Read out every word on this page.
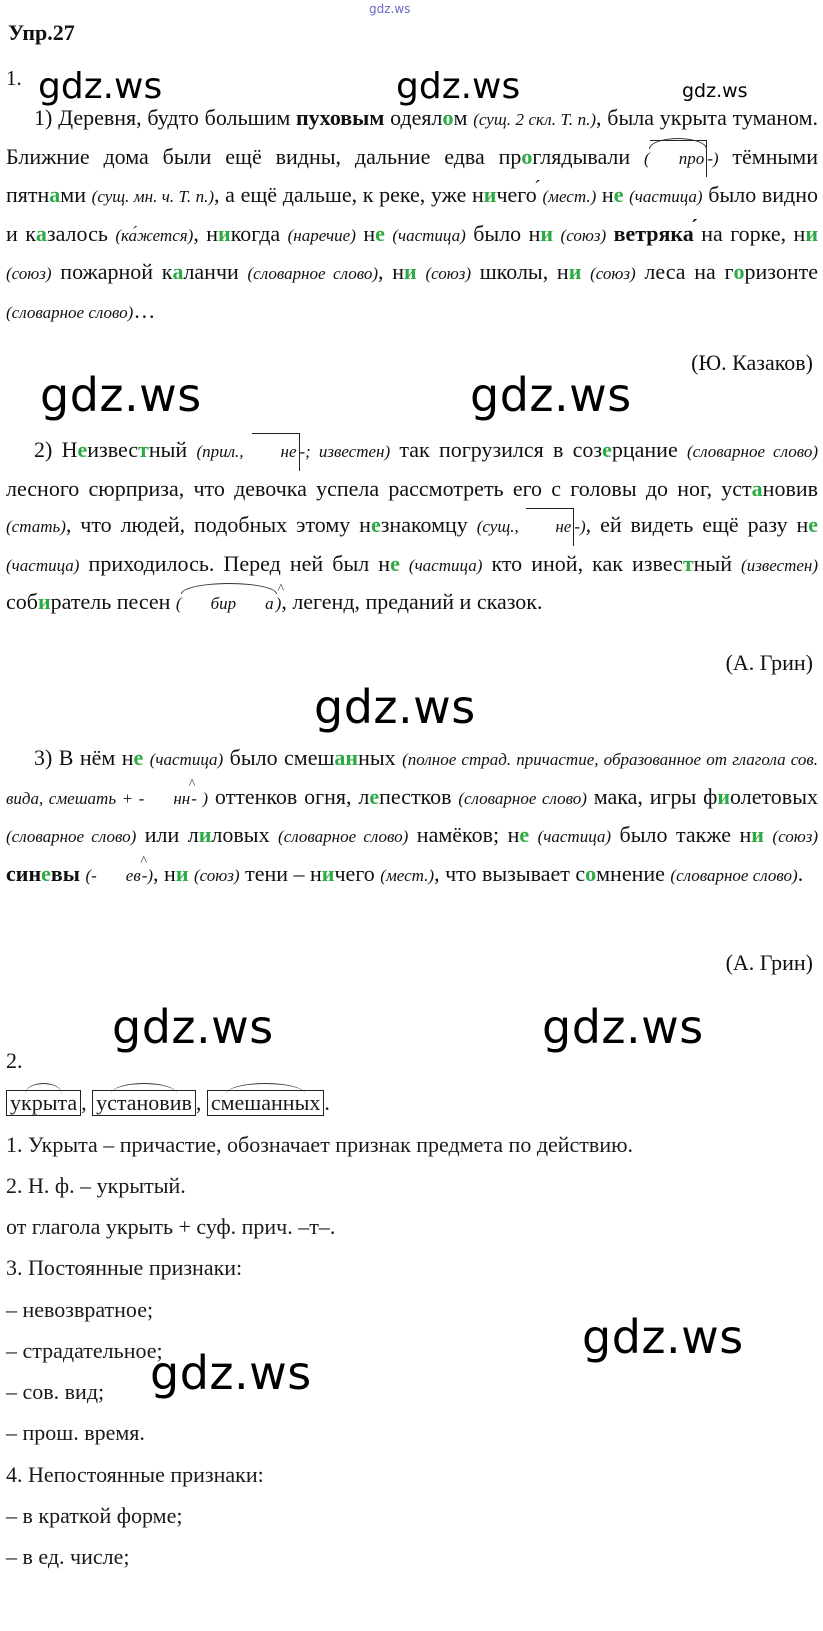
gdz.ws
gdz.ws	gdz.ws	gdz.ws
gdz.ws	gdz.ws
gdz.ws
gdz.ws	gdz.ws
gdz.ws
gdz.ws
Упр.27
1.

1) Деревня, будто большим пуховым одеялом (сущ. 2 скл. Т. п.), была укрыта туманом. Ближние дома были ещё видны, дальние едва проглядывали ( про -) тёмными пятнами (сущ. мн. ч. Т. п.), а ещё дальше, к реке, уже ничего ´ (мест.) не (частица) было видно и казалось (ка́жется), никогда (наречие) не (частица) было ни (союз) ветряка ´ на горке, ни (союз) пожарной каланчи (словарное слово), ни (союз) школы, ни (союз) леса на горизонте (словарное слово)…

(Ю. Казаков)

2) Неизвестный (прил., не -; известен) так погрузился в созерцание (словарное слово) лесного сюрприза, что девочка успела рассмотреть его с головы до ног, установив (стать), что людей, подобных этому незнакомцу (сущ., не -), ей видеть ещё разу не (частица) приходилось. Перед ней был не (частица) кто иной, как известный (известен) собиратель песен ( бир ^ а ), легенд, преданий и сказок.

(А. Грин)

3) В нём не (частица) было смешанных (полное страд. причастие, образованное от глагола сов. вида, смешать + - ^ нн- ) оттенков огня, лепестков (словарное слово) мака, игры фиолетовых (словарное слово) или лиловых (словарное слово) намёков; не (частица) было также ни (союз) синевы (- ^ ев-), ни (союз) тени – ничего (мест.), что вызывает сомнение (словарное слово).

(А. Грин)
2.
укрыта , установив , смешанных .
1. Укрыта – причастие, обозначает признак предмета по действию.
2. Н. ф. – укрытый.
от глагола укрыть + суф. прич. –т–.
3. Постоянные признаки:
– невозвратное;
– страдательное;
– сов. вид;
– прош. время.
4. Непостоянные признаки:
– в краткой форме;
– в ед. числе;
